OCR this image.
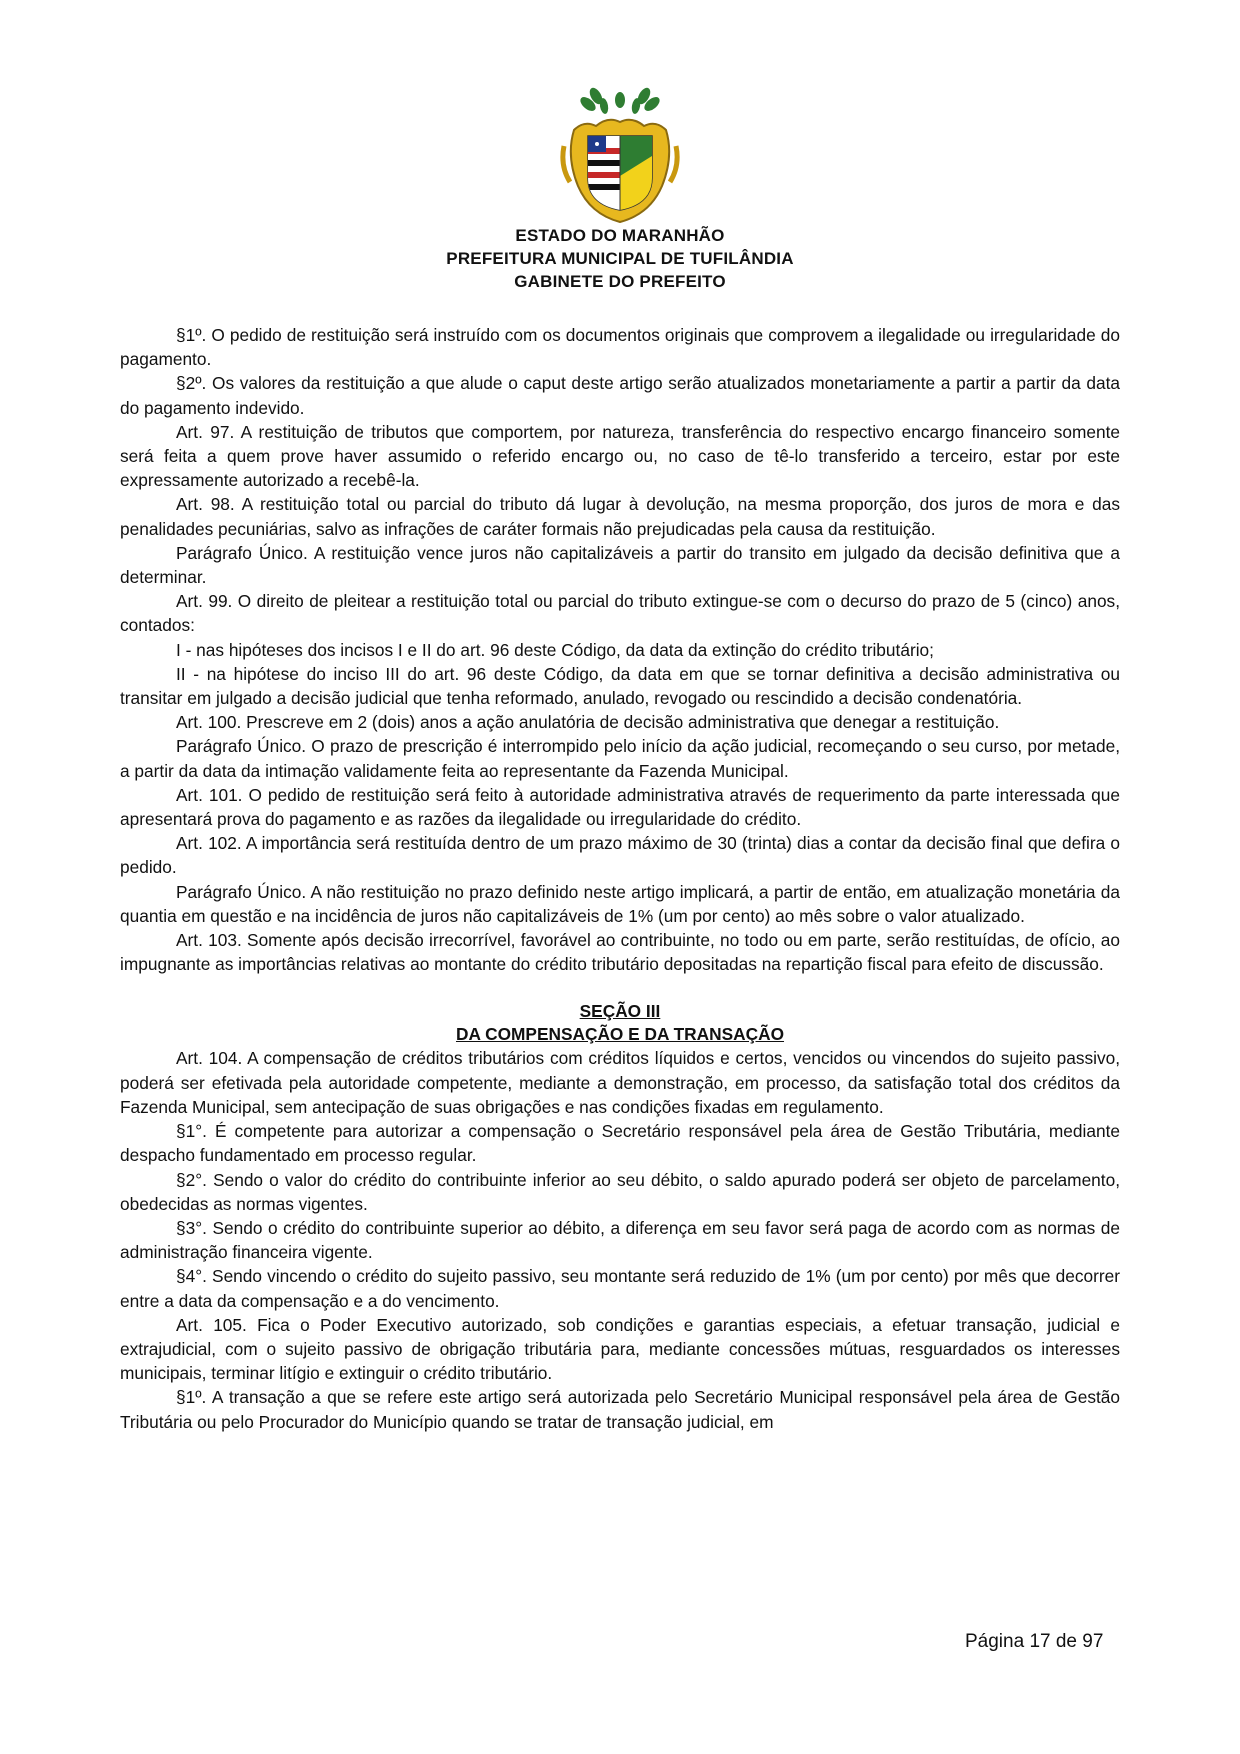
ESTADO DO MARANHÃO
PREFEITURA MUNICIPAL DE TUFILÂNDIA
GABINETE DO PREFEITO

§1º. O pedido de restituição será instruído com os documentos originais que comprovem a ilegalidade ou irregularidade do pagamento.

§2º. Os valores da restituição a que alude o caput deste artigo serão atualizados monetariamente a partir a partir da data do pagamento indevido.

Art. 97. A restituição de tributos que comportem, por natureza, transferência do respectivo encargo financeiro somente será feita a quem prove haver assumido o referido encargo ou, no caso de tê-lo transferido a terceiro, estar por este expressamente autorizado a recebê-la.

Art. 98. A restituição total ou parcial do tributo dá lugar à devolução, na mesma proporção, dos juros de mora e das penalidades pecuniárias, salvo as infrações de caráter formais não prejudicadas pela causa da restituição.

Parágrafo Único. A restituição vence juros não capitalizáveis a partir do transito em julgado da decisão definitiva que a determinar.

Art. 99. O direito de pleitear a restituição total ou parcial do tributo extingue-se com o decurso do prazo de 5 (cinco) anos, contados:

I - nas hipóteses dos incisos I e II do art. 96 deste Código, da data da extinção do crédito tributário;

II - na hipótese do inciso III do art. 96 deste Código, da data em que se tornar definitiva a decisão administrativa ou transitar em julgado a decisão judicial que tenha reformado, anulado, revogado ou rescindido a decisão condenatória.

Art. 100. Prescreve em 2 (dois) anos a ação anulatória de decisão administrativa que denegar a restituição.

Parágrafo Único. O prazo de prescrição é interrompido pelo início da ação judicial, recomeçando o seu curso, por metade, a partir da data da intimação validamente feita ao representante da Fazenda Municipal.

Art. 101. O pedido de restituição será feito à autoridade administrativa através de requerimento da parte interessada que apresentará prova do pagamento e as razões da ilegalidade ou irregularidade do crédito.

Art. 102. A importância será restituída dentro de um prazo máximo de 30 (trinta) dias a contar da decisão final que defira o pedido.

Parágrafo Único. A não restituição no prazo definido neste artigo implicará, a partir de então, em atualização monetária da quantia em questão e na incidência de juros não capitalizáveis de 1% (um por cento) ao mês sobre o valor atualizado.

Art. 103. Somente após decisão irrecorrível, favorável ao contribuinte, no todo ou em parte, serão restituídas, de ofício, ao impugnante as importâncias relativas ao montante do crédito tributário depositadas na repartição fiscal para efeito de discussão.

SEÇÃO III

DA COMPENSAÇÃO E DA TRANSAÇÃO

Art. 104. A compensação de créditos tributários com créditos líquidos e certos, vencidos ou vincendos do sujeito passivo, poderá ser efetivada pela autoridade competente, mediante a demonstração, em processo, da satisfação total dos créditos da Fazenda Municipal, sem antecipação de suas obrigações e nas condições fixadas em regulamento.

§1°. É competente para autorizar a compensação o Secretário responsável pela área de Gestão Tributária, mediante despacho fundamentado em processo regular.

§2°. Sendo o valor do crédito do contribuinte inferior ao seu débito, o saldo apurado poderá ser objeto de parcelamento, obedecidas as normas vigentes.

§3°. Sendo o crédito do contribuinte superior ao débito, a diferença em seu favor será paga de acordo com as normas de administração financeira vigente.

§4°. Sendo vincendo o crédito do sujeito passivo, seu montante será reduzido de 1% (um por cento) por mês que decorrer entre a data da compensação e a do vencimento.

Art. 105. Fica o Poder Executivo autorizado, sob condições e garantias especiais, a efetuar transação, judicial e extrajudicial, com o sujeito passivo de obrigação tributária para, mediante concessões mútuas, resguardados os interesses municipais, terminar litígio e extinguir o crédito tributário.

§1º. A transação a que se refere este artigo será autorizada pelo Secretário Municipal responsável pela área de Gestão Tributária ou pelo Procurador do Município quando se tratar de transação judicial, em

Página 17 de 97
